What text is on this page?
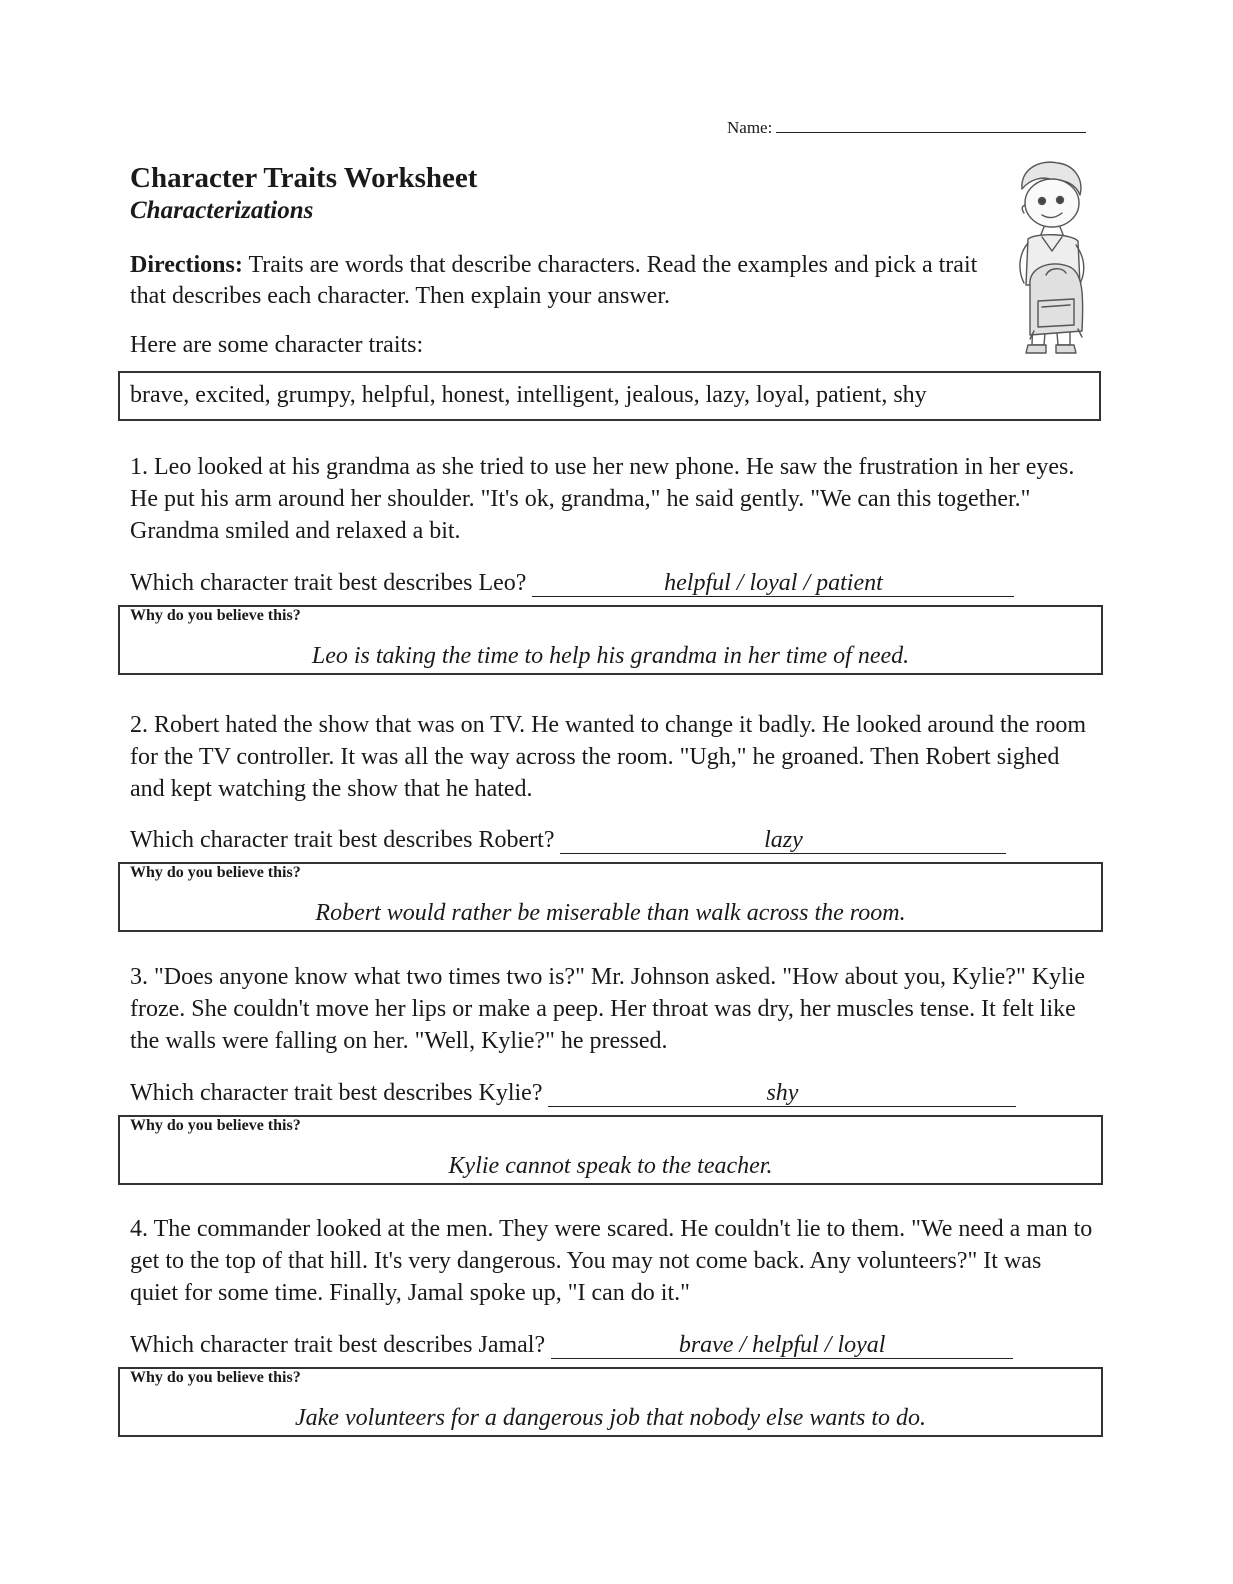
Name:
Character Traits Worksheet
Characterizations
Directions: Traits are words that describe characters. Read the examples and pick a trait that describes each character. Then explain your answer.
Here are some character traits:
brave, excited, grumpy, helpful, honest, intelligent, jealous, lazy, loyal, patient, shy
1. Leo looked at his grandma as she tried to use her new phone. He saw the frustration in her eyes. He put his arm around her shoulder. "It's ok, grandma," he said gently. "We can this together." Grandma smiled and relaxed a bit.
Which character trait best describes Leo?	helpful / loyal / patient
Why do you believe this?
Leo is taking the time to help his grandma in her time of need.
2. Robert hated the show that was on TV. He wanted to change it badly. He looked around the room for the TV controller. It was all the way across the room. "Ugh," he groaned. Then Robert sighed and kept watching the show that he hated.
Which character trait best describes Robert?	lazy
Why do you believe this?
Robert would rather be miserable than walk across the room.
3. "Does anyone know what two times two is?" Mr. Johnson asked. "How about you, Kylie?" Kylie froze. She couldn't move her lips or make a peep. Her throat was dry, her muscles tense. It felt like the walls were falling on her. "Well, Kylie?" he pressed.
Which character trait best describes Kylie?	shy
Why do you believe this?
Kylie cannot speak to the teacher.
4. The commander looked at the men. They were scared. He couldn't lie to them. "We need a man to get to the top of that hill. It's very dangerous. You may not come back. Any volunteers?" It was quiet for some time. Finally, Jamal spoke up, "I can do it."
Which character trait best describes Jamal?	brave / helpful / loyal
Why do you believe this?
Jake volunteers for a dangerous job that nobody else wants to do.
